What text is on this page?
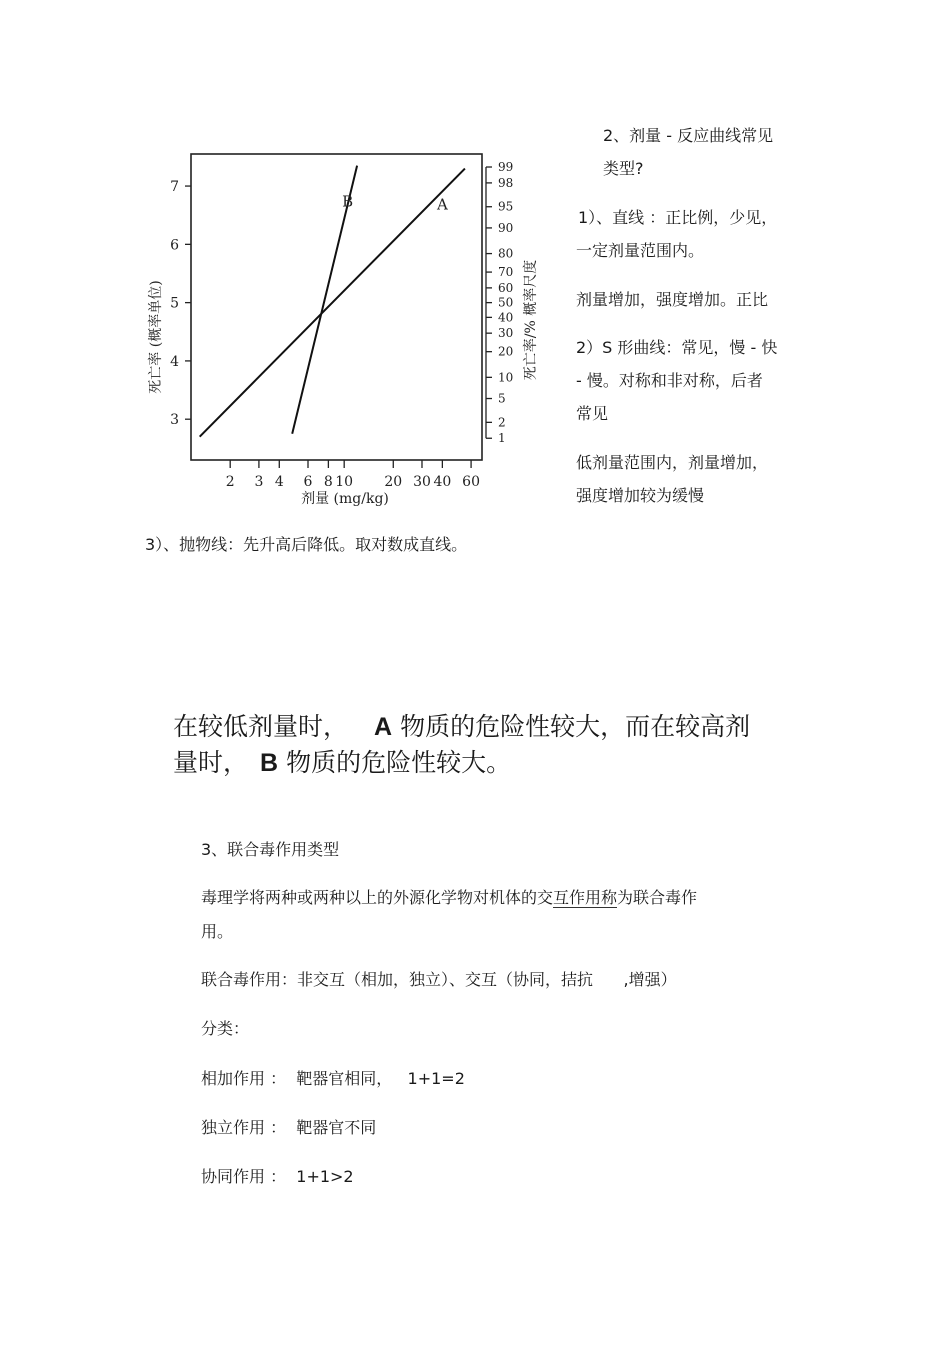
2 3 4 6 8 10 20 30 40 60
3
4
5
6
7
1
2
5
10
20
30
40
50
60
70
80
90
95
98
99
A
B
剂量 (mg/kg)
死亡率 (概率单位)	死亡率/% 概率尺度
2、剂量 - 反应曲线常见
类型?
1）、直线 ：正比例，少见，
一定剂量范围内。
剂量增加，强度增加。正比
2）S 形曲线：常见，慢 - 快
- 慢。对称和非对称，后者
常见
低剂量范围内，剂量增加，
强度增加较为缓慢
3）、抛物线：先升高后降低。取对数成直线。
在较低剂量时， A 物质的危险性较大，而在较高剂
量时， B 物质的危险性较大。
3、联合毒作用类型
毒理学将两种或两种以上的外源化学物对机体的交互作用称为联合毒作
用。
联合毒作用：非交互（相加，独立）、交互（协同，拮抗      ,增强）
分类：
相加作用 ：  靶器官相同，   1+1=2
独立作用 ：  靶器官不同
协同作用 ：  1+1>2
